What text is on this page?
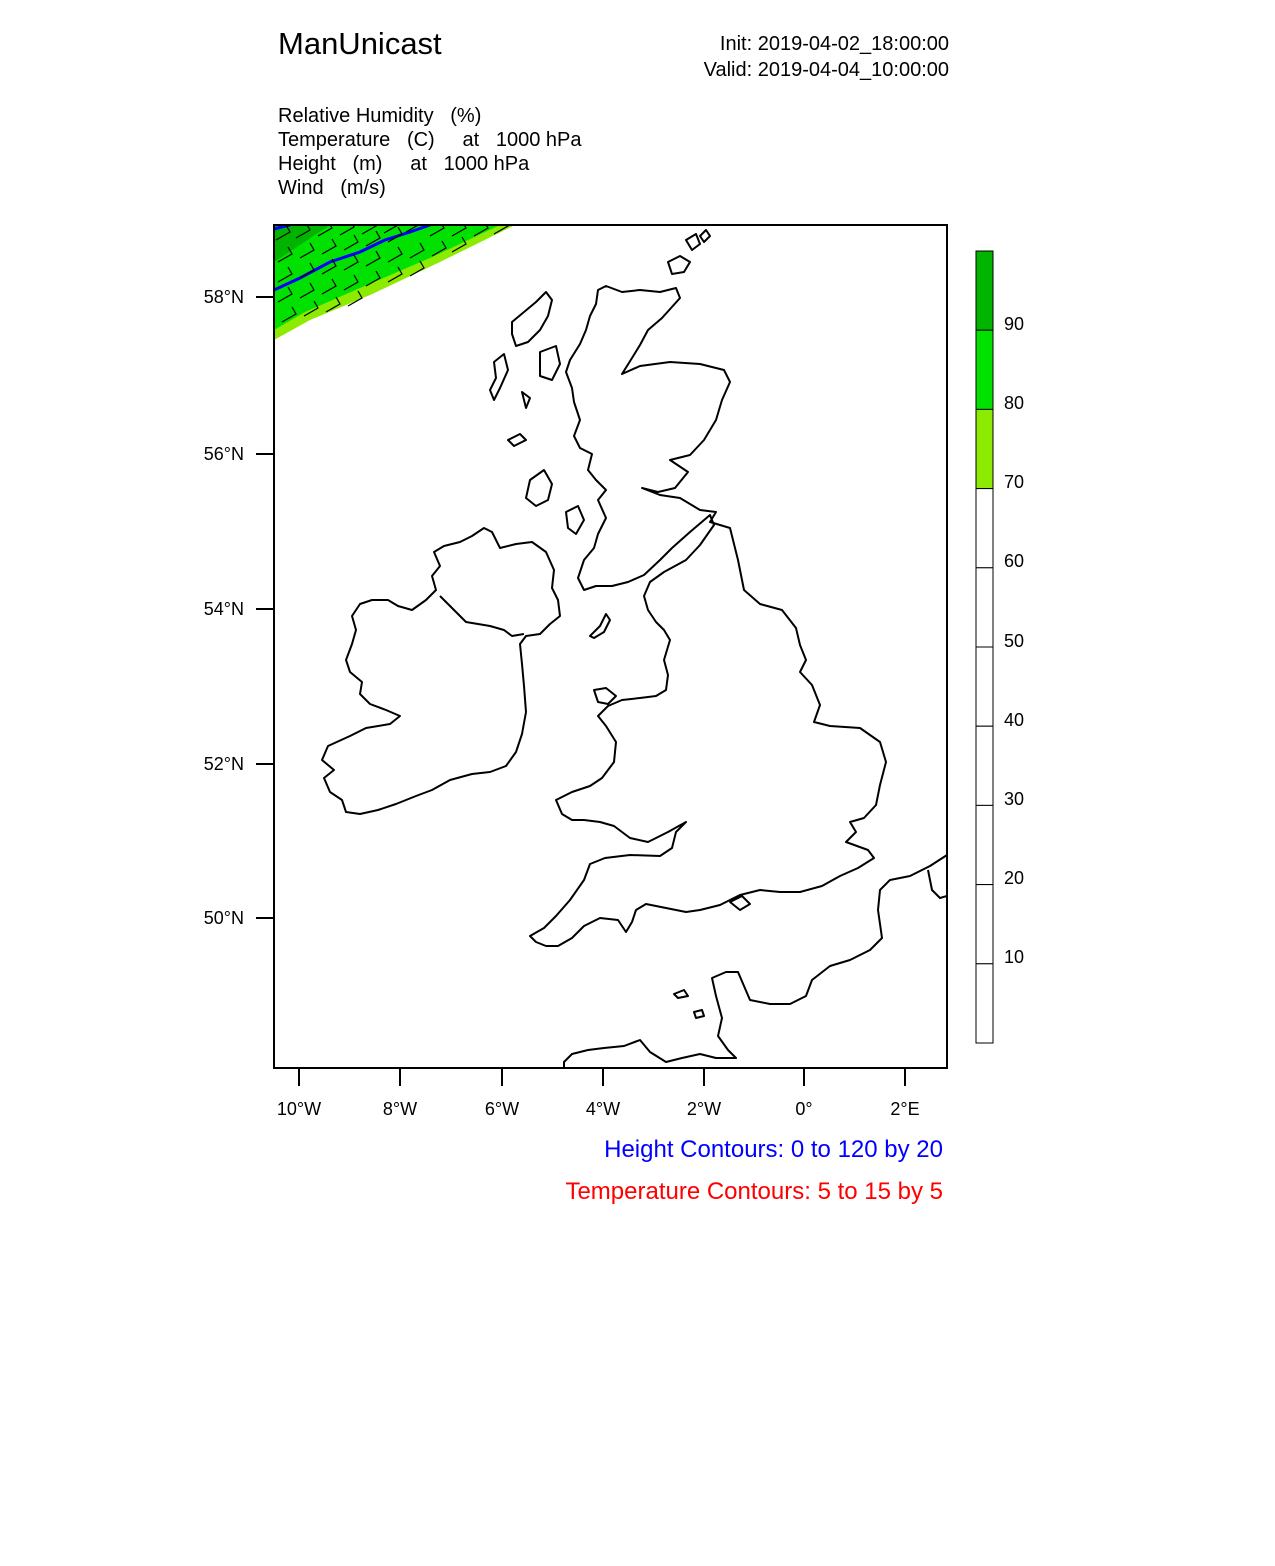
ManUnicast	Init: 2019-04-02_18:00:00
Valid: 2019-04-04_10:00:00
Relative Humidity   (%)
Temperature   (C)     at   1000 hPa
Height   (m)     at   1000 hPa
Wind   (m/s)
58°N
56°N
54°N
52°N
50°N
10°W	8°W	6°W	4°W	2°W	0°	2°E
90
80
70
60
50
40
30
20
10
Height Contours: 0 to 120 by 20
Temperature Contours: 5 to 15 by 5
